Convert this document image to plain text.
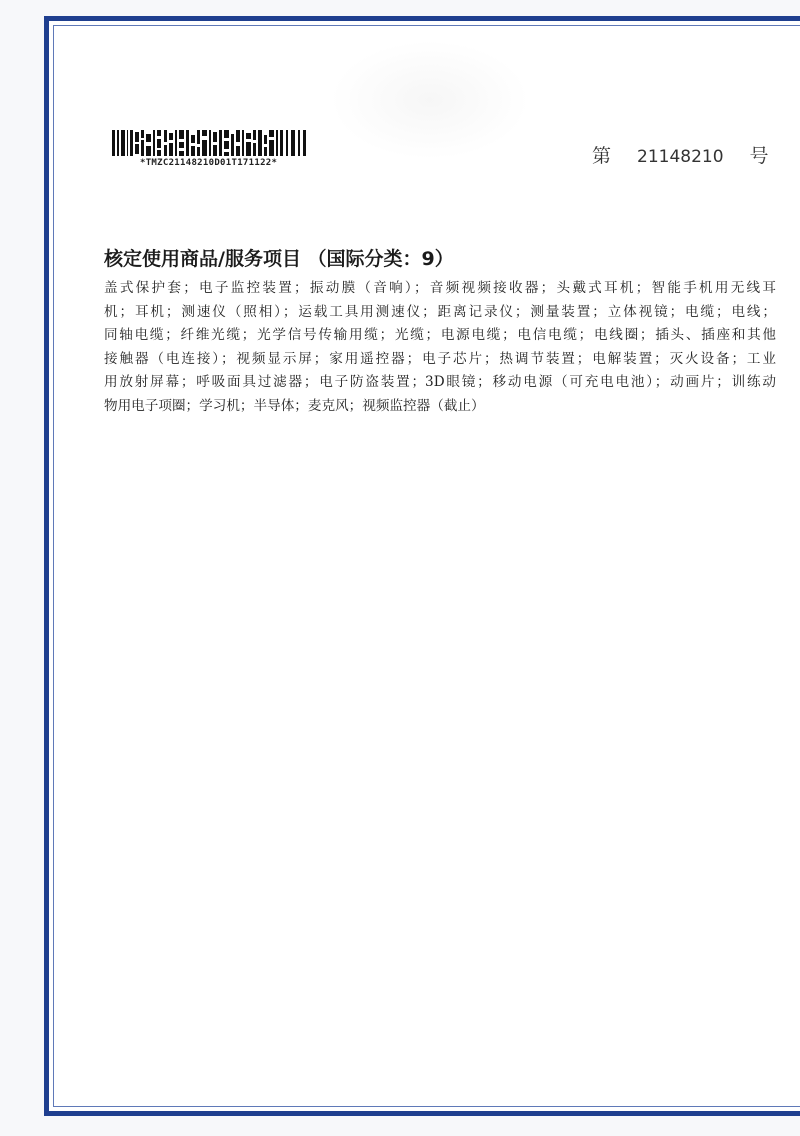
*TMZC21148210D01T171122*	第 21148210 号
核定使用商品/服务项目 （国际分类：9）
盖式保护套；电子监控装置；振动膜（音响）；音频视频接收器；头戴式耳机；智能手机用无线耳
机；耳机；测速仪（照相）；运载工具用测速仪；距离记录仪；测量装置；立体视镜；电缆；电线；
同轴电缆；纤维光缆；光学信号传输用缆；光缆；电源电缆；电信电缆；电线圈；插头、插座和其他
接触器（电连接）；视频显示屏；家用遥控器；电子芯片；热调节装置；电解装置；灭火设备；工业
用放射屏幕；呼吸面具过滤器；电子防盗装置；3D眼镜；移动电源（可充电电池）；动画片；训练动
物用电子项圈；学习机；半导体；麦克风；视频监控器（截止）
